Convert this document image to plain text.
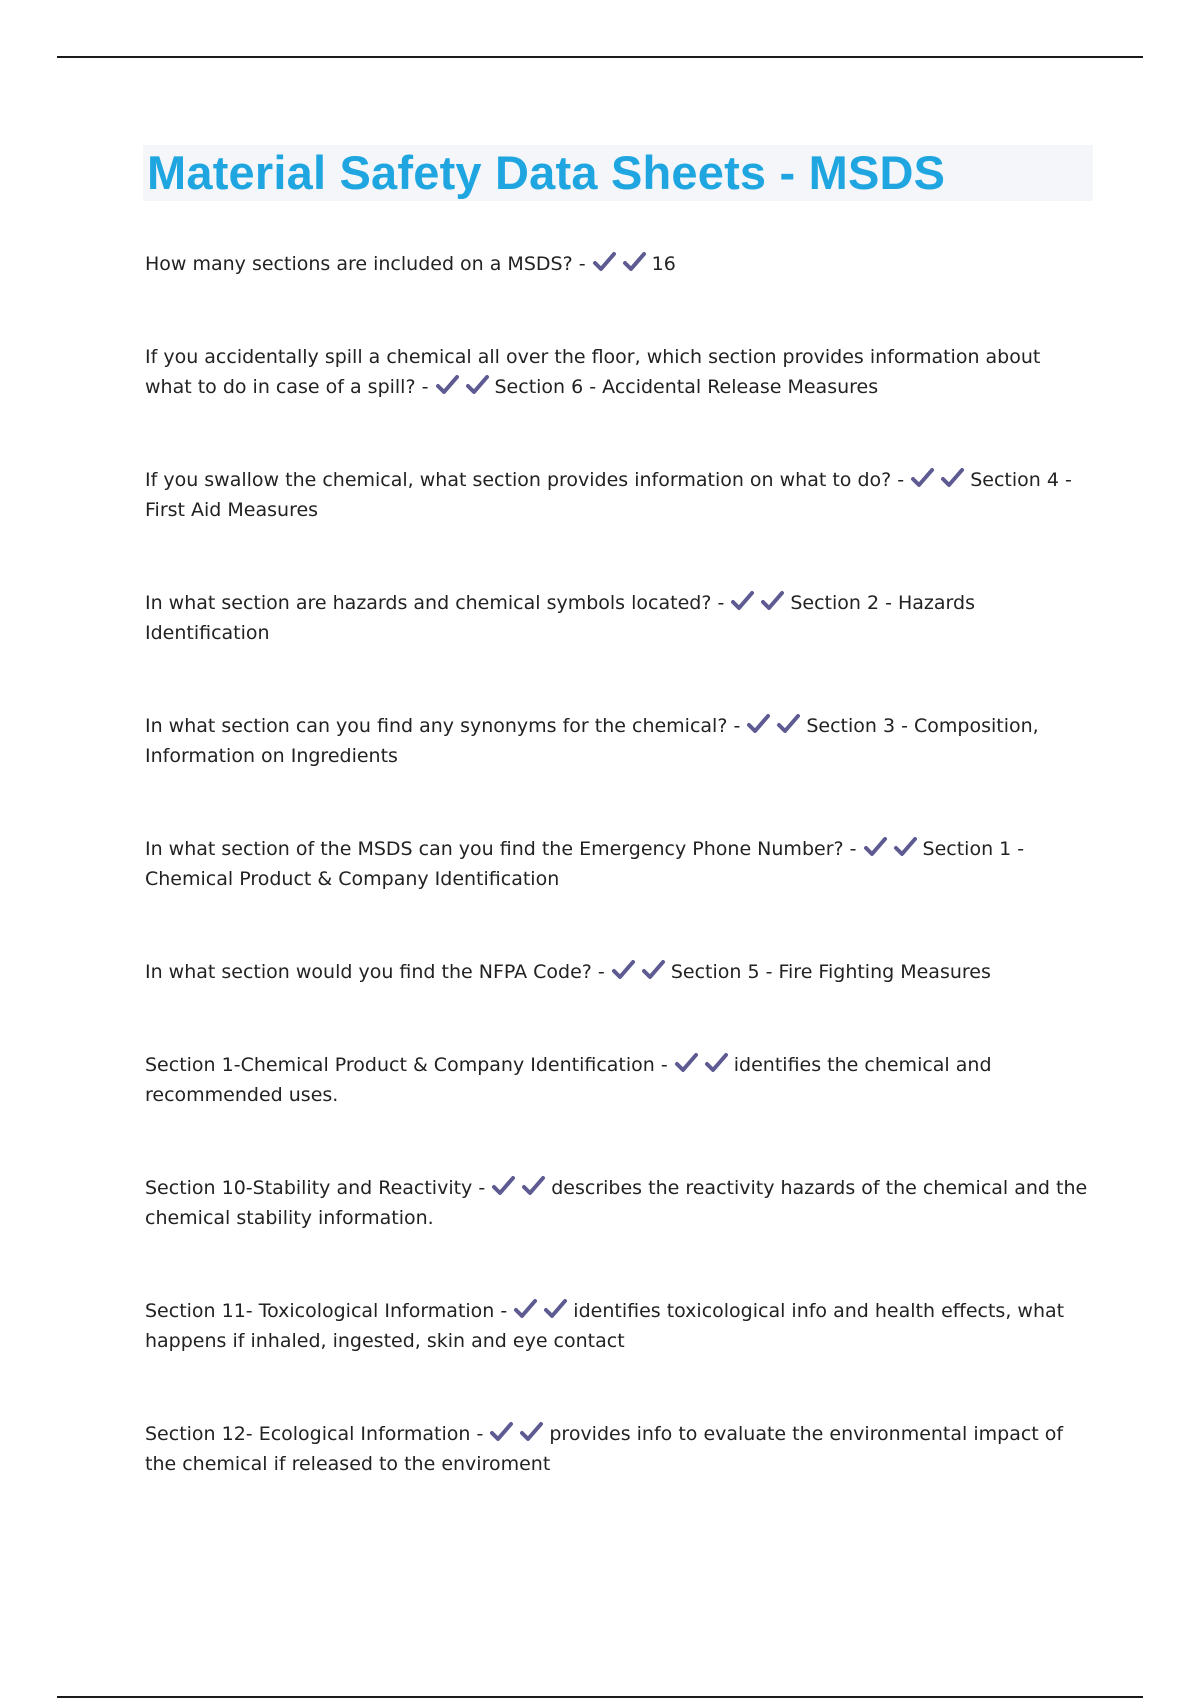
Material Safety Data Sheets - MSDS

How many sections are included on a MSDS? -	16

If you accidentally spill a chemical all over the floor, which section provides information about what to do in case of a spill? -	Section 6 - Accidental Release Measures

If you swallow the chemical, what section provides information on what to do? -	Section 4 - First Aid Measures

In what section are hazards and chemical symbols located? -	Section 2 - Hazards Identification

In what section can you find any synonyms for the chemical? -	Section 3 - Composition, Information on Ingredients

In what section of the MSDS can you find the Emergency Phone Number? -	Section 1 - Chemical Product & Company Identification

In what section would you find the NFPA Code? -	Section 5 - Fire Fighting Measures

Section 1-Chemical Product & Company Identification -	identifies the chemical and recommended uses.

Section 10-Stability and Reactivity -	describes the reactivity hazards of the chemical and the chemical stability information.

Section 11- Toxicological Information -	identifies toxicological info and health effects, what happens if inhaled, ingested, skin and eye contact

Section 12- Ecological Information -	provides info to evaluate the environmental impact of the chemical if released to the enviroment
